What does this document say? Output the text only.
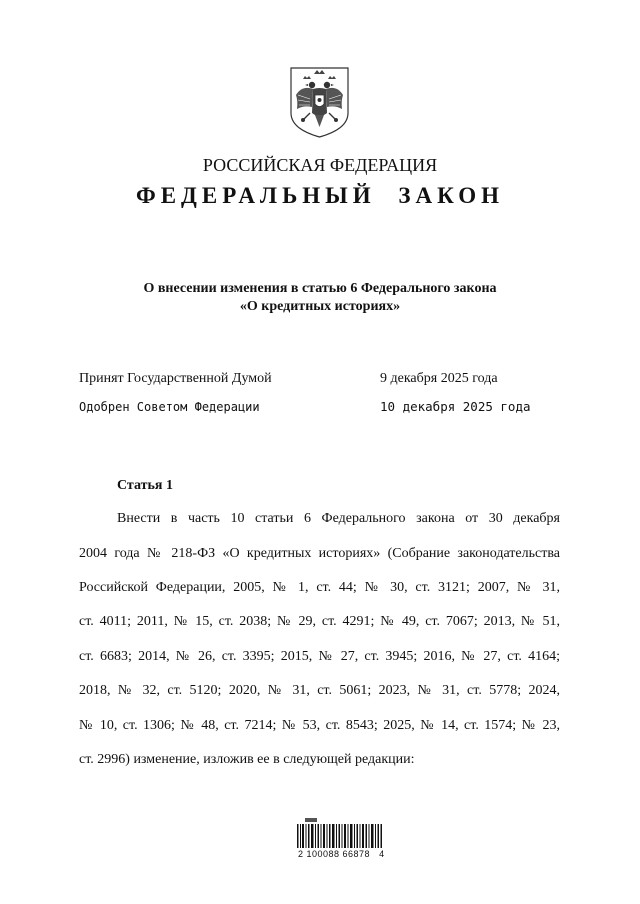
РОССИЙСКАЯ ФЕДЕРАЦИЯ
ФЕДЕРАЛЬНЫЙ ЗАКОН
О внесении изменения в статью 6 Федерального закона
«О кредитных историях»
Принят Государственной Думой	9 декабря 2025 года
Одобрен Советом Федерации	10 декабря 2025 года
Статья 1
Внести в часть 10 статьи 6 Федерального закона от 30 декабря
2004 года № 218-ФЗ «О кредитных историях» (Собрание законодательства
Российской Федерации, 2005, № 1, ст. 44; № 30, ст. 3121; 2007, № 31,
ст. 4011; 2011, № 15, ст. 2038; № 29, ст. 4291; № 49, ст. 7067; 2013, № 51,
ст. 6683; 2014, № 26, ст. 3395; 2015, № 27, ст. 3945; 2016, № 27, ст. 4164;
2018, № 32, ст. 5120; 2020, № 31, ст. 5061; 2023, № 31, ст. 5778; 2024,
№ 10, ст. 1306; № 48, ст. 7214; № 53, ст. 8543; 2025, № 14, ст. 1574; № 23,
ст. 2996) изменение, изложив ее в следующей редакции:
2 100088 66878   4
